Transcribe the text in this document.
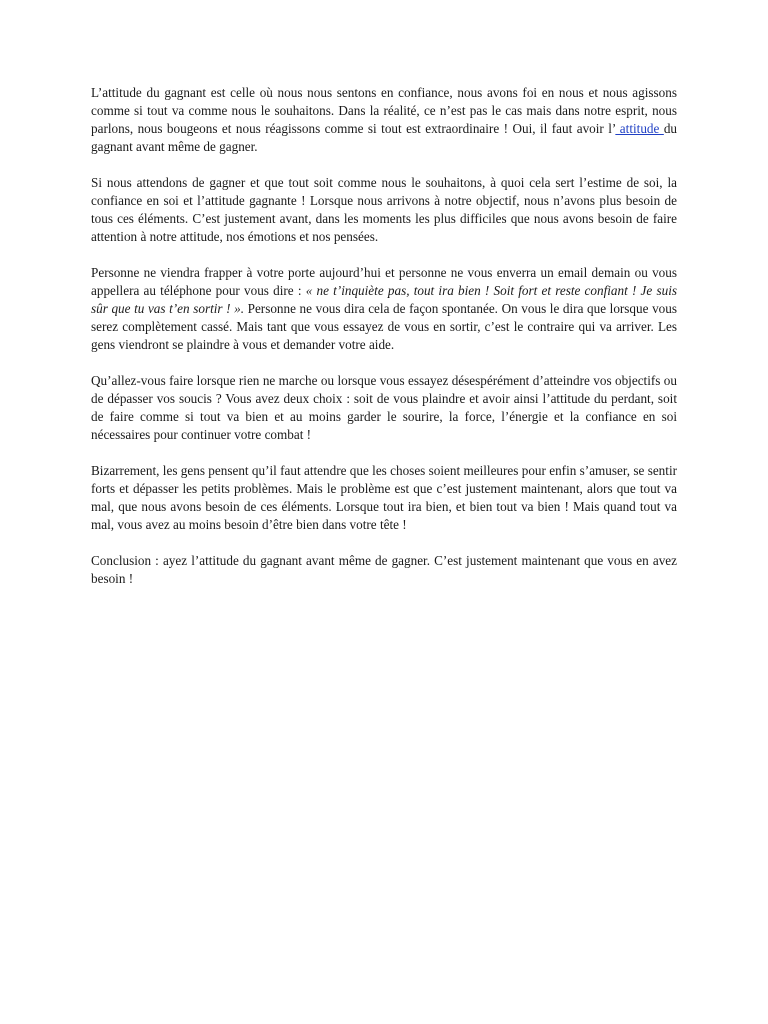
L’attitude du gagnant est celle où nous nous sentons en confiance, nous avons foi en nous et nous agissons comme si tout va comme nous le souhaitons. Dans la réalité, ce n’est pas le cas mais dans notre esprit, nous parlons, nous bougeons et nous réagissons comme si tout est extraordinaire ! Oui, il faut avoir l’ attitude du gagnant avant même de gagner.

Si nous attendons de gagner et que tout soit comme nous le souhaitons, à quoi cela sert l’estime de soi, la confiance en soi et l’attitude gagnante ! Lorsque nous arrivons à notre objectif, nous n’avons plus besoin de tous ces éléments. C’est justement avant, dans les moments les plus difficiles que nous avons besoin de faire attention à notre attitude, nos émotions et nos pensées.

Personne ne viendra frapper à votre porte aujourd’hui et personne ne vous enverra un email demain ou vous appellera au téléphone pour vous dire : « ne t’inquiète pas, tout ira bien ! Soit fort et reste confiant ! Je suis sûr que tu vas t’en sortir ! ». Personne ne vous dira cela de façon spontanée. On vous le dira que lorsque vous serez complètement cassé. Mais tant que vous essayez de vous en sortir, c’est le contraire qui va arriver. Les gens viendront se plaindre à vous et demander votre aide.

Qu’allez-vous faire lorsque rien ne marche ou lorsque vous essayez désespérément d’atteindre vos objectifs ou de dépasser vos soucis ? Vous avez deux choix : soit de vous plaindre et avoir ainsi l’attitude du perdant, soit de faire comme si tout va bien et au moins garder le sourire, la force, l’énergie et la confiance en soi nécessaires pour continuer votre combat !

Bizarrement, les gens pensent qu’il faut attendre que les choses soient meilleures pour enfin s’amuser, se sentir forts et dépasser les petits problèmes. Mais le problème est que c’est justement maintenant, alors que tout va mal, que nous avons besoin de ces éléments. Lorsque tout ira bien, et bien tout va bien ! Mais quand tout va mal, vous avez au moins besoin d’être bien dans votre tête !

Conclusion : ayez l’attitude du gagnant avant même de gagner. C’est justement maintenant que vous en avez besoin !
